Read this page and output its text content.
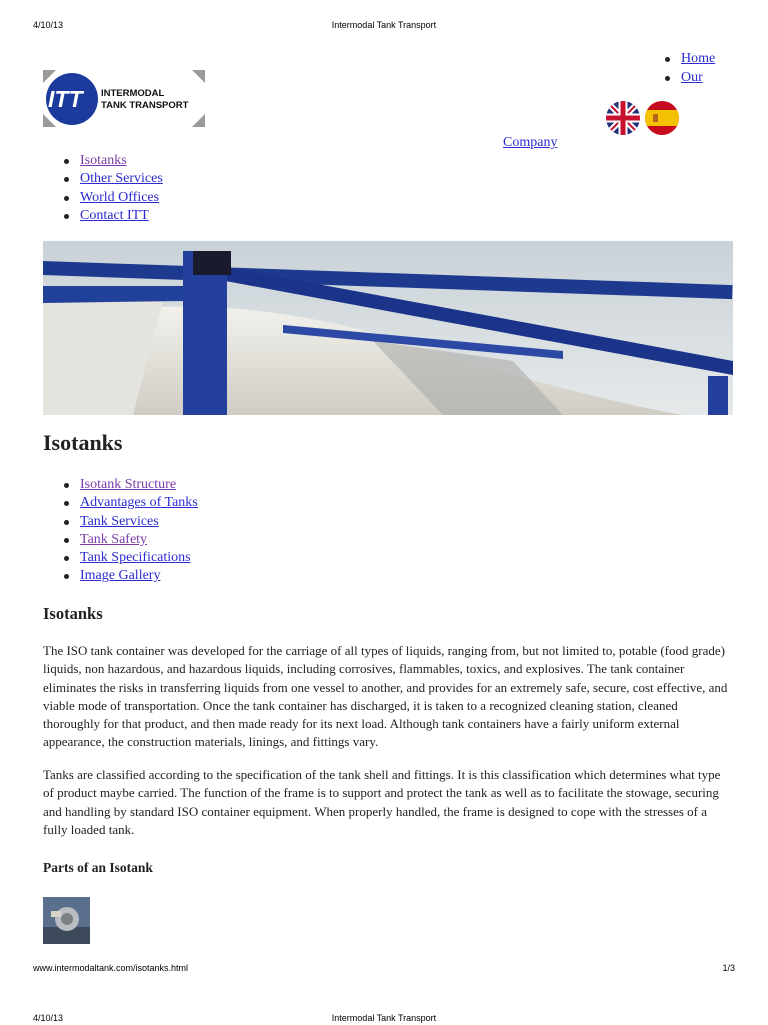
4/10/13	Intermodal Tank Transport
ITT INTERMODAL
TANK TRANSPORT
Home
Our
Company
Isotanks
Other Services
World Offices
Contact ITT
Isotanks
Isotank Structure
Advantages of Tanks
Tank Services
Tank Safety
Tank Specifications
Image Gallery
Isotanks

The ISO tank container was developed for the carriage of all types of liquids, ranging from, but not limited to, potable (food grade) liquids, non hazardous, and hazardous liquids, including corrosives, flammables, toxics, and explosives. The tank container eliminates the risks in transferring liquids from one vessel to another, and provides for an extremely safe, secure, cost effective, and viable mode of transportation. Once the tank container has discharged, it is taken to a recognized cleaning station, cleaned thoroughly for that product, and then made ready for its next load. Although tank containers have a fairly uniform external appearance, the construction materials, linings, and fittings vary.

Tanks are classified according to the specification of the tank shell and fittings. It is this classification which determines what type of product maybe carried. The function of the frame is to support and protect the tank as well as to facilitate the stowage, securing and handling by standard ISO container equipment. When properly handled, the frame is designed to cope with the stresses of a fully loaded tank.

Parts of an Isotank
www.intermodaltank.com/isotanks.html	1/3
4/10/13	Intermodal Tank Transport
